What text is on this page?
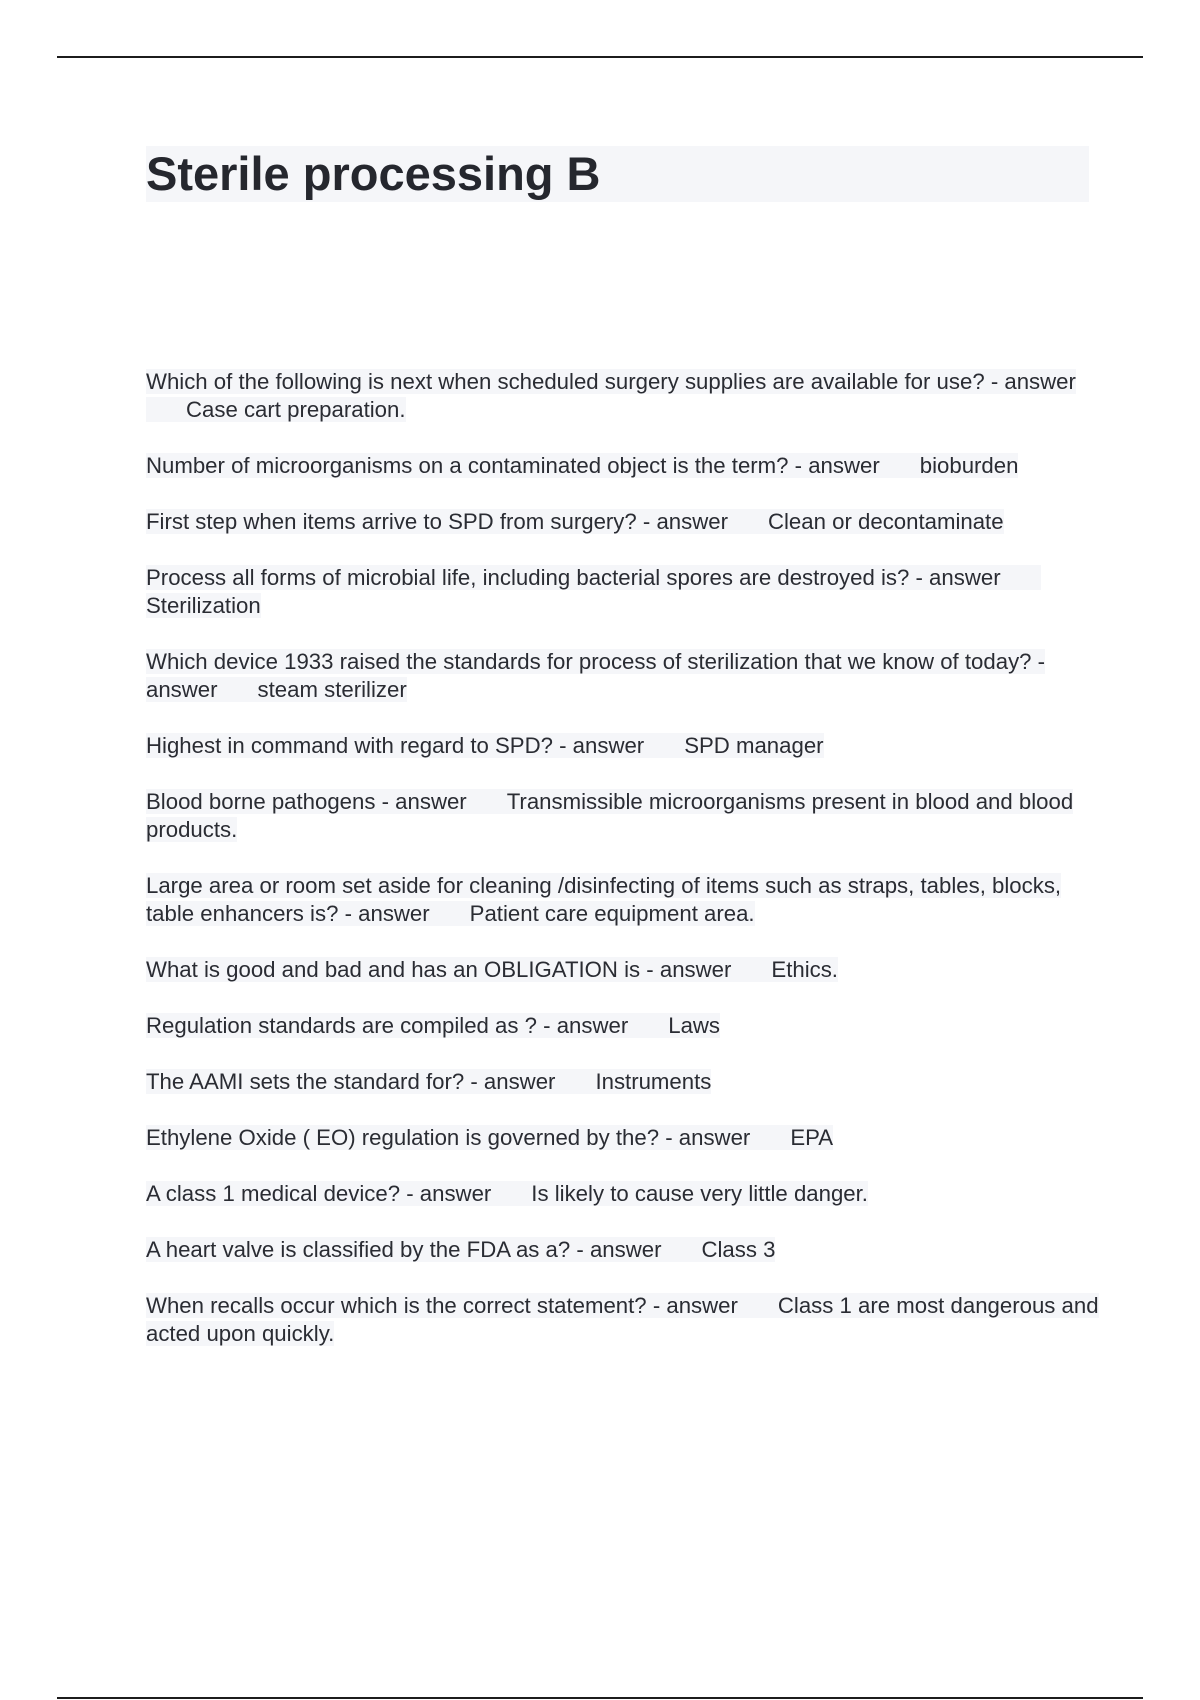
Sterile processing B
Which of the following is next when scheduled surgery supplies are available for use? - answerCase cart preparation.
Number of microorganisms on a contaminated object is the term? - answer bioburden
First step when items arrive to SPD from surgery? - answer Clean or decontaminate
Process all forms of microbial life, including bacterial spores are destroyed is? - answerSterilization
Which device 1933 raised the standards for process of sterilization that we know of today? - answer steam sterilizer
Highest in command with regard to SPD? - answer SPD manager
Blood borne pathogens - answer Transmissible microorganisms present in blood and blood products.
Large area or room set aside for cleaning /disinfecting of items such as straps, tables, blocks, table enhancers is? - answer Patient care equipment area.
What is good and bad and has an OBLIGATION is - answer Ethics.
Regulation standards are compiled as ? - answer Laws
The AAMI sets the standard for? - answer Instruments
Ethylene Oxide ( EO) regulation is governed by the? - answer EPA
A class 1 medical device? - answer Is likely to cause very little danger.
A heart valve is classified by the FDA as a? - answer Class 3
When recalls occur which is the correct statement? - answer Class 1 are most dangerous and acted upon quickly.
